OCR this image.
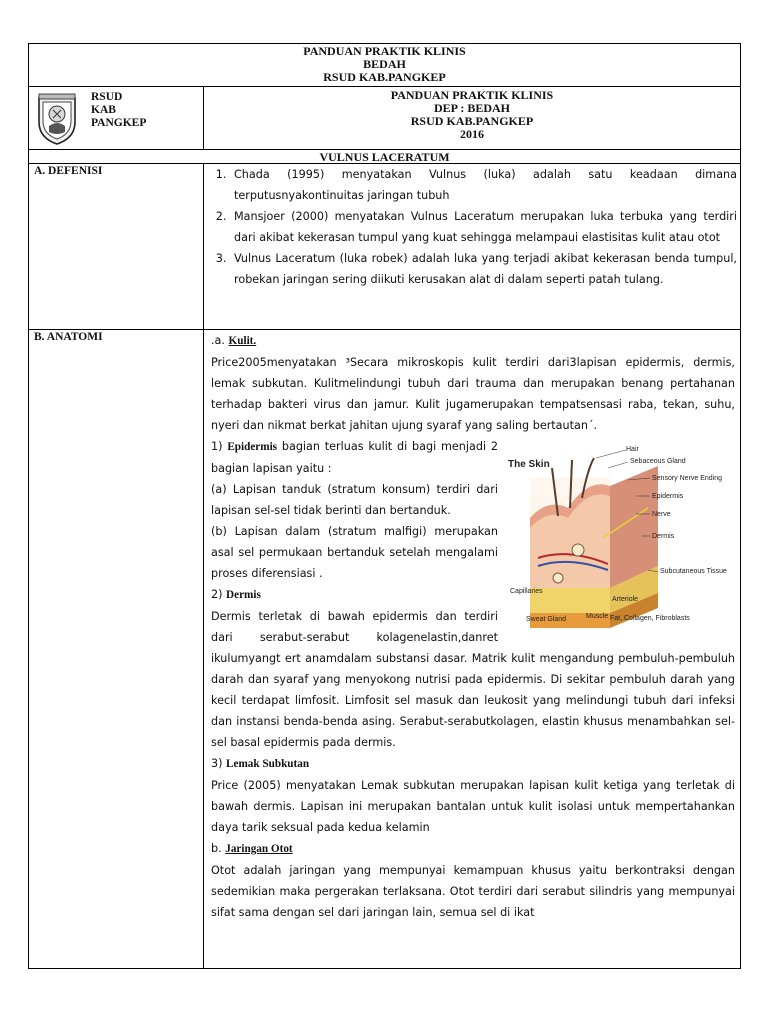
PANDUAN PRAKTIK KLINIS
BEDAH
RSUD KAB.PANGKEP
RSUD
KAB
PANGKEP
PANDUAN PRAKTIK KLINIS
DEP : BEDAH
RSUD KAB.PANGKEP
2016
VULNUS LACERATUM
A. DEFENISI
1.	Chada (1995) menyatakan Vulnus (luka) adalah satu keadaan dimana terputusnyakontinuitas jaringan tubuh
2. Mansjoer (2000) menyatakan Vulnus Laceratum merupakan luka terbuka yang terdiri dari akibat kekerasan tumpul yang kuat sehingga melampaui elastisitas kulit atau otot
3. Vulnus Laceratum (luka robek) adalah luka yang terjadi akibat kekerasan benda tumpul, robekan jaringan sering diikuti kerusakan alat di dalam seperti patah tulang.
B. ANATOMI	.a. Kulit.

Price2005menyatakan ³Secara mikroskopis kulit terdiri dari3lapisan epidermis, dermis, lemak subkutan. Kulitmelindungi tubuh dari trauma dan merupakan benang pertahanan terhadap bakteri virus dan jamur. Kulit jugamerupakan tempatsensasi raba, tekan, suhu, nyeri dan nikmat berkat jahitan ujung syaraf yang saling bertautan´.

The Skin
Hair
Sebaceous Gland
Sensory Nerve Ending
Epidermis
Nerve
Dermis
Subcutaneous Tissue
Capillaries
Arteriole
Sweat Gland	Muscle Fat, Collagen, Fibroblasts

1) Epidermis bagian terluas kulit di bagi menjadi 2 bagian lapisan yaitu :

(a) Lapisan tanduk (stratum konsum) terdiri dari lapisan sel-sel tidak berinti dan bertanduk.

(b) Lapisan dalam (stratum malfigi) merupakan asal sel permukaan bertanduk setelah mengalami proses diferensiasi .

2) Dermis

Dermis terletak di bawah epidermis dan terdiri dari serabut-serabut kolagenelastin,danret ikulumyangt ert anamdalam substansi dasar. Matrik kulit mengandung pembuluh-pembuluh darah dan syaraf yang menyokong nutrisi pada epidermis. Di sekitar pembuluh darah yang kecil terdapat limfosit. Limfosit sel masuk dan leukosit yang melindungi tubuh dari infeksi dan instansi benda-benda asing. Serabut-serabutkolagen, elastin khusus menambahkan sel-sel basal epidermis pada dermis.

3) Lemak Subkutan

Price (2005) menyatakan Lemak subkutan merupakan lapisan kulit ketiga yang terletak di bawah dermis. Lapisan ini merupakan bantalan untuk kulit isolasi untuk mempertahankan daya tarik seksual pada kedua kelamin

b. Jaringan Otot

Otot adalah jaringan yang mempunyai kemampuan khusus yaitu berkontraksi dengan sedemikian maka pergerakan terlaksana. Otot terdiri dari serabut silindris yang mempunyai sifat sama dengan sel dari jaringan lain, semua sel di ikat
